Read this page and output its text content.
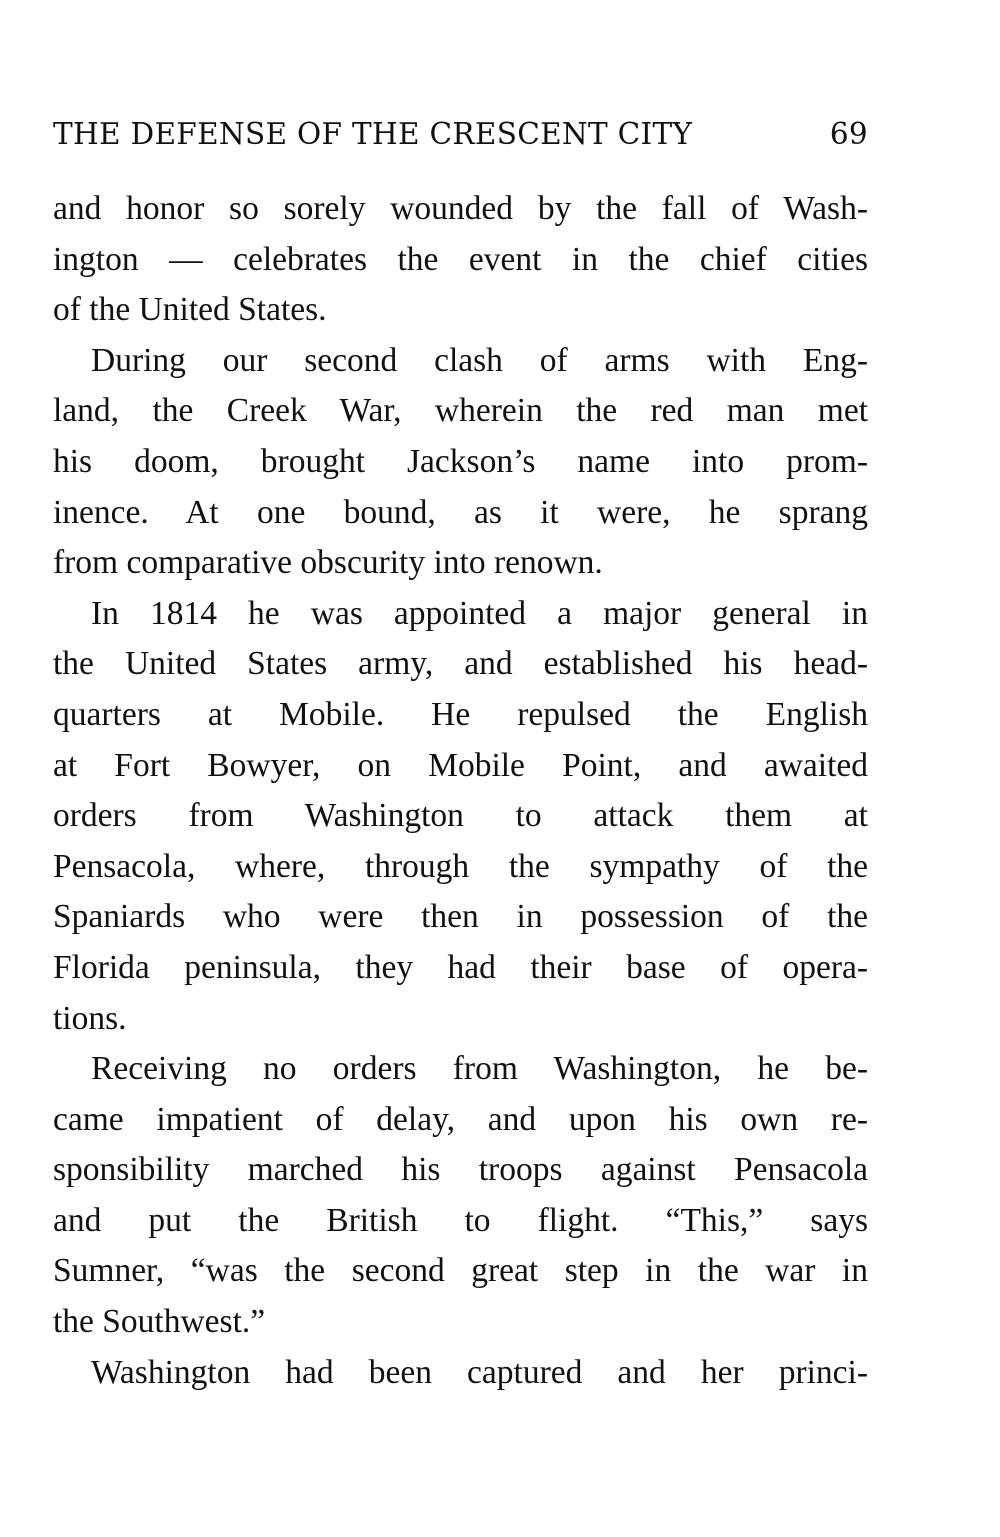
THE DEFENSE OF THE CRESCENT CITY	69
and honor so sorely wounded by the fall of Wash-
ington — celebrates the event in the chief cities
of the United States.
During our second clash of arms with Eng-
land, the Creek War, wherein the red man met
his doom, brought Jackson’s name into prom-
inence. At one bound, as it were, he sprang
from comparative obscurity into renown.
In 1814 he was appointed a major general in
the United States army, and established his head-
quarters at Mobile. He repulsed the English
at Fort Bowyer, on Mobile Point, and awaited
orders from Washington to attack them at
Pensacola, where, through the sympathy of the
Spaniards who were then in possession of the
Florida peninsula, they had their base of opera-
tions.
Receiving no orders from Washington, he be-
came impatient of delay, and upon his own re-
sponsibility marched his troops against Pensacola
and put the British to flight. “This,” says
Sumner, “was the second great step in the war in
the Southwest.”
Washington had been captured and her princi-
